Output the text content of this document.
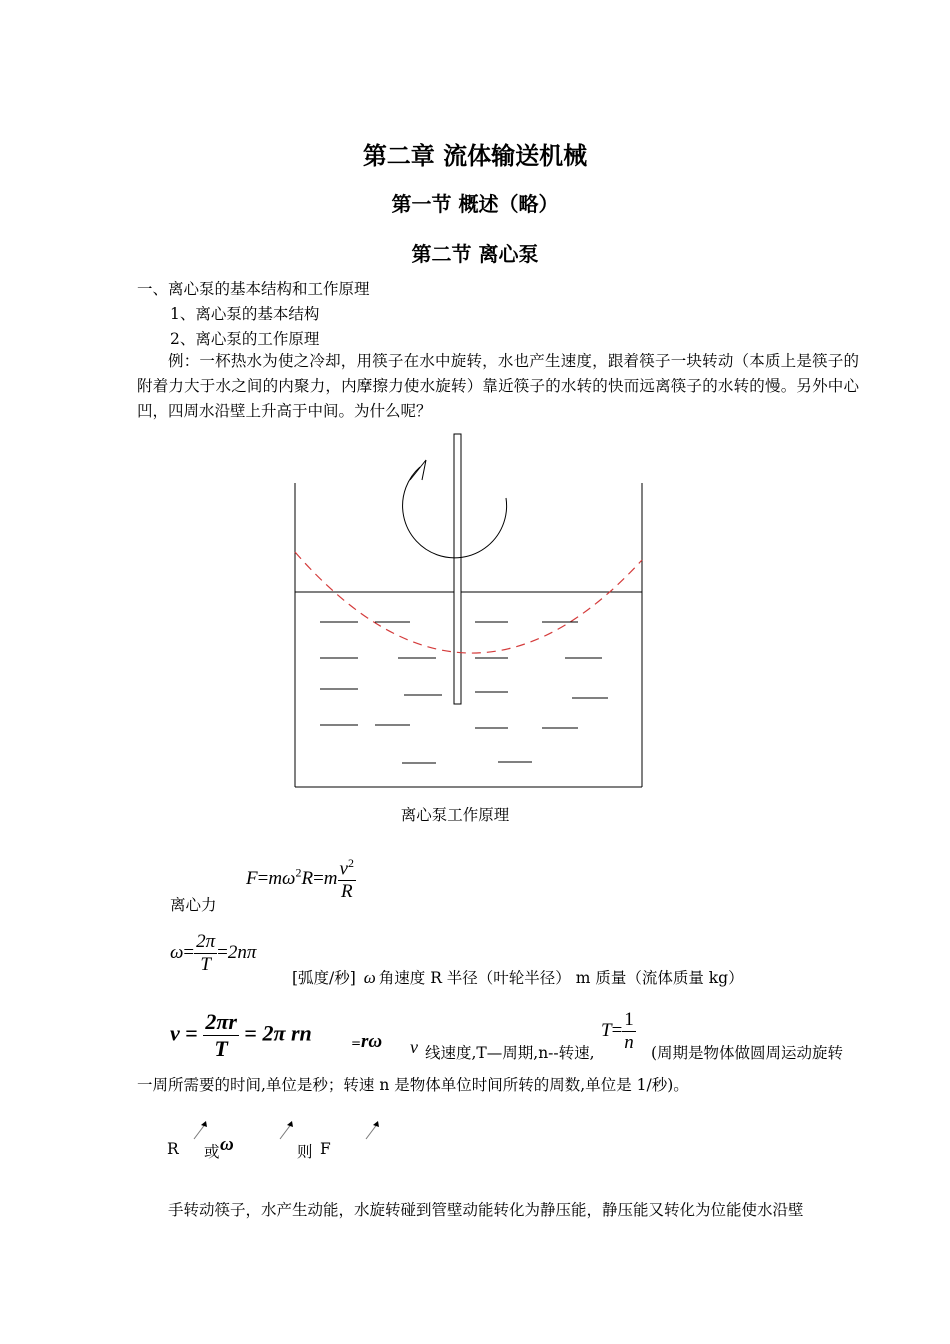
第二章 流体输送机械
第一节 概述（略）
第二节 离心泵
一、离心泵的基本结构和工作原理
1、离心泵的基本结构
2、离心泵的工作原理
例：一杯热水为使之冷却，用筷子在水中旋转，水也产生速度，跟着筷子一块转动（本质上是筷子的附着力大于水之间的内聚力，内摩擦力使水旋转）靠近筷子的水转的快而远离筷子的水转的慢。另外中心凹，四周水沿壁上升高于中间。为什么呢？
离心泵工作原理
离心力
$F=m\omega^2R=m \frac{v^2}{R}$
$\omega= \frac{2\pi}{T} =2n\pi$
[弧度/秒] ω 角速度 R 半径（叶轮半径） m 质量（流体质量 kg）
$v = \frac{2\pi r}{T} = 2\pi$ rn	= rω v 线速度,T—周期,n--转速,
$T= \frac{1}{n}$ (周期是物体做圆周运动旋转
一周所需要的时间,单位是秒；转速 n 是物体单位时间所转的周数,单位是 1/秒)。
R 或 ω	则 F
手转动筷子，水产生动能，水旋转碰到管壁动能转化为静压能，静压能又转化为位能使水沿壁
